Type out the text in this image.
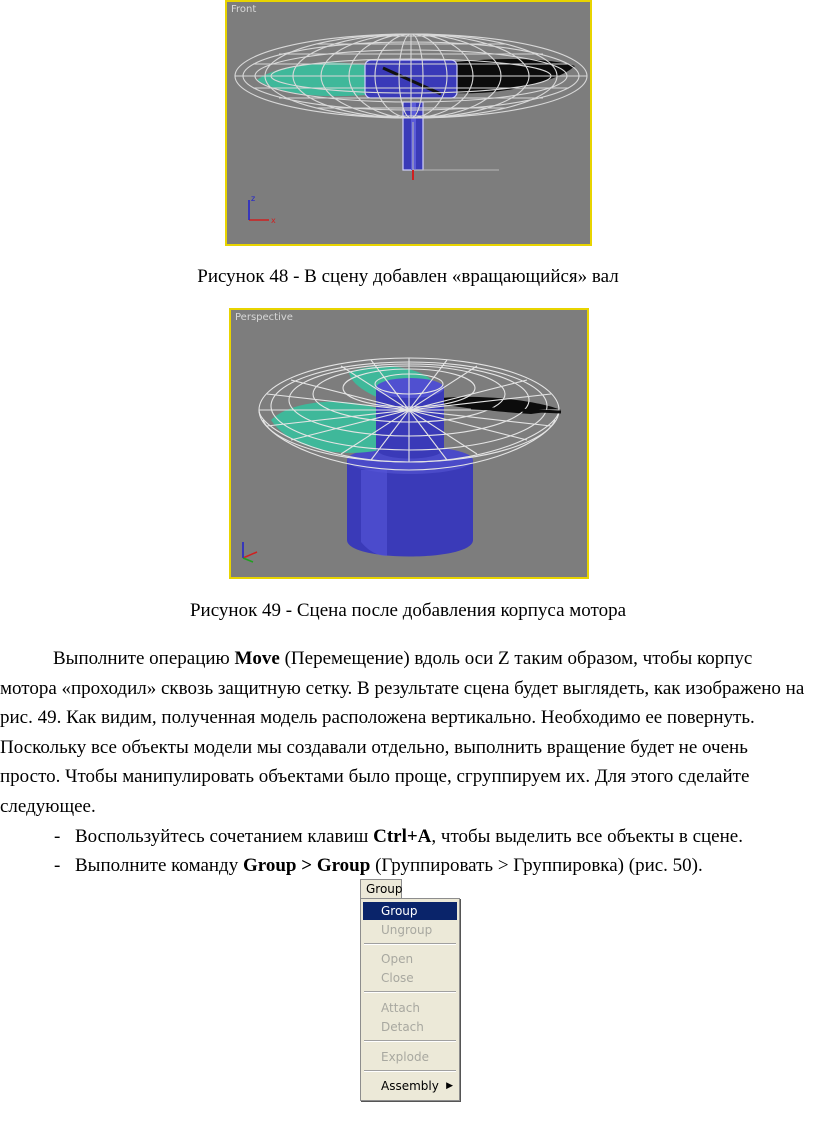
Front
z
x
Рисунок 48 - В сцену добавлен «вращающийся» вал
Perspective
Рисунок 49 - Сцена после добавления корпуса мотора

Выполните операцию Move (Перемещение) вдоль оси Z таким образом, чтобы корпус мотора «проходил» сквозь защитную сетку. В результате сцена будет выглядеть, как изображено на рис. 49. Как видим, полученная модель расположена вертикально. Необходимо ее повернуть. Поскольку все объекты модели мы создавали отдельно, выполнить вращение будет не очень просто. Чтобы манипулировать объектами было проще, сгруппируем их. Для этого сделайте следующее.

- Воспользуйтесь сочетанием клавиш Ctrl+A, чтобы выделить все объекты в сцене.
- Выполните команду Group > Group (Группировать > Группировка) (рис. 50).
Group
Group
Ungroup
Open
Close
Attach
Detach
Explode
Assembly ▶
